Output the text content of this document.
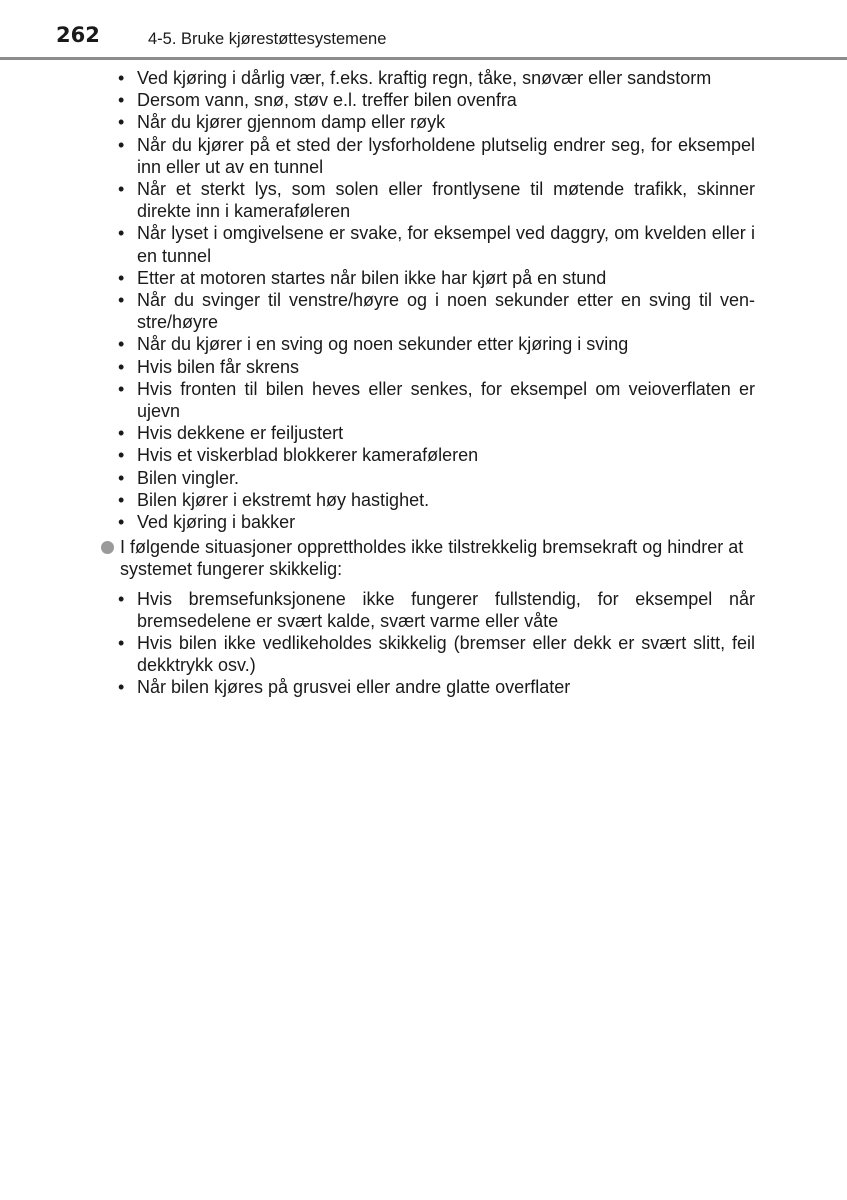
262	4-5. Bruke kjørestøttesystemene
• Ved kjøring i dårlig vær, f.eks. kraftig regn, tåke, snøvær eller sandstorm
• Dersom vann, snø, støv e.l. treffer bilen ovenfra
• Når du kjører gjennom damp eller røyk
• Når du kjører på et sted der lysforholdene plutselig endrer seg, for eksempel inn eller ut av en tunnel
• Når et sterkt lys, som solen eller frontlysene til møtende trafikk, skinner direkte inn i kameraføleren
• Når lyset i omgivelsene er svake, for eksempel ved daggry, om kvelden eller i en tunnel
• Etter at motoren startes når bilen ikke har kjørt på en stund
• Når du svinger til venstre/høyre og i noen sekunder etter en sving til ven-stre/høyre
• Når du kjører i en sving og noen sekunder etter kjøring i sving
• Hvis bilen får skrens
• Hvis fronten til bilen heves eller senkes, for eksempel om veioverflaten er ujevn
• Hvis dekkene er feiljustert
• Hvis et viskerblad blokkerer kameraføleren
• Bilen vingler.
• Bilen kjører i ekstremt høy hastighet.
• Ved kjøring i bakker
I følgende situasjoner opprettholdes ikke tilstrekkelig bremsekraft og hindrer at systemet fungerer skikkelig:
• Hvis bremsefunksjonene ikke fungerer fullstendig, for eksempel når bremsedelene er svært kalde, svært varme eller våte
• Hvis bilen ikke vedlikeholdes skikkelig (bremser eller dekk er svært slitt, feil dekktrykk osv.)
• Når bilen kjøres på grusvei eller andre glatte overflater
